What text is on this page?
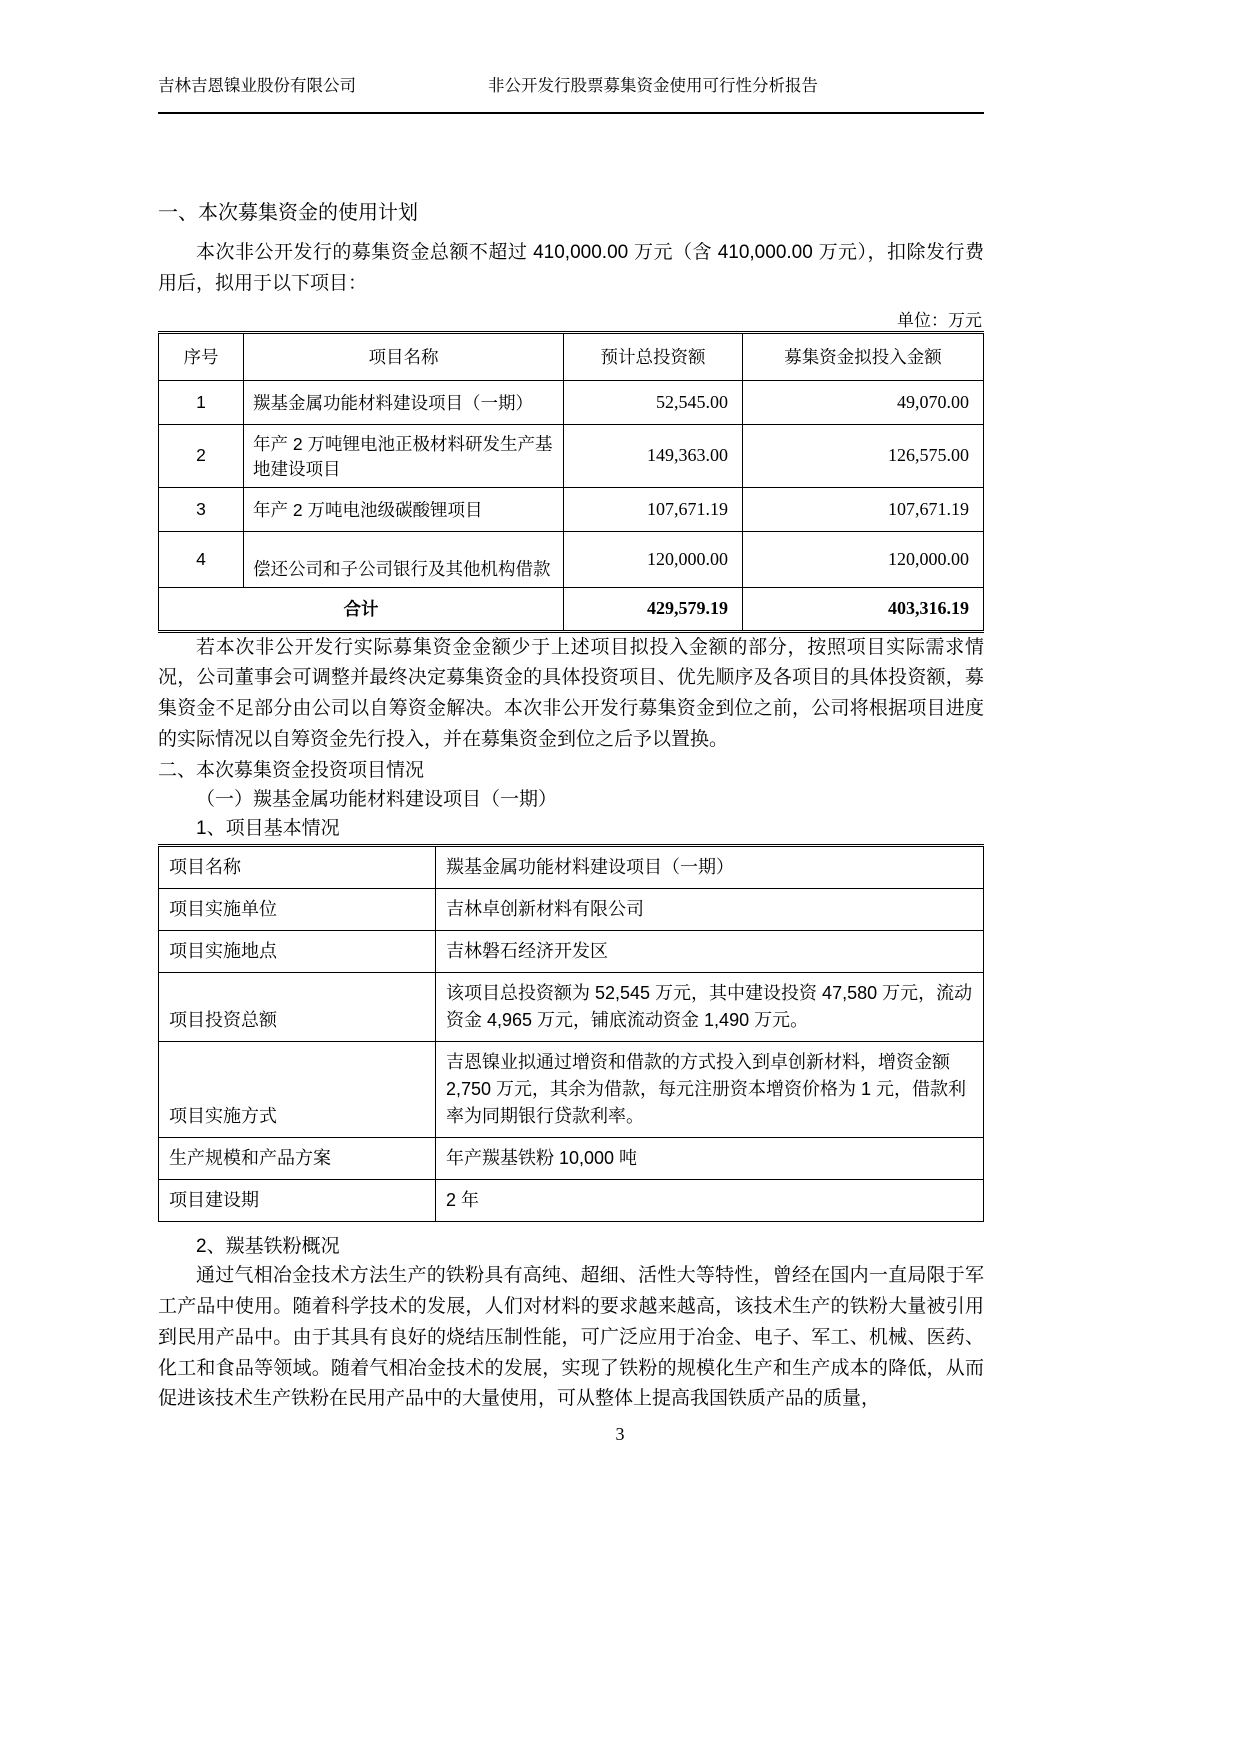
吉林吉恩镍业股份有限公司	非公开发行股票募集资金使用可行性分析报告
一、本次募集资金的使用计划

本次非公开发行的募集资金总额不超过 410,000.00 万元（含 410,000.00 万元），扣除发行费用后，拟用于以下项目：

单位：万元

序号	项目名称	预计总投资额	募集资金拟投入金额
1	羰基金属功能材料建设项目（一期）	52,545.00	49,070.00
2	年产 2 万吨锂电池正极材料研发生产基地建设项目	149,363.00	126,575.00
3	年产 2 万吨电池级碳酸锂项目	107,671.19	107,671.19
4	偿还公司和子公司银行及其他机构借款	120,000.00	120,000.00
合计		429,579.19	403,316.19

若本次非公开发行实际募集资金金额少于上述项目拟投入金额的部分，按照项目实际需求情况，公司董事会可调整并最终决定募集资金的具体投资项目、优先顺序及各项目的具体投资额，募集资金不足部分由公司以自筹资金解决。本次非公开发行募集资金到位之前，公司将根据项目进度的实际情况以自筹资金先行投入，并在募集资金到位之后予以置换。

二、本次募集资金投资项目情况
（一）羰基金属功能材料建设项目（一期）
1、项目基本情况
项目名称	羰基金属功能材料建设项目（一期）
项目实施单位	吉林卓创新材料有限公司
项目实施地点	吉林磐石经济开发区
项目投资总额	该项目总投资额为 52,545 万元，其中建设投资 47,580 万元，流动资金 4,965 万元，铺底流动资金 1,490 万元。
项目实施方式	吉恩镍业拟通过增资和借款的方式投入到卓创新材料，增资金额 2,750 万元，其余为借款，每元注册资本增资价格为 1 元，借款利率为同期银行贷款利率。
生产规模和产品方案	年产羰基铁粉 10,000 吨
项目建设期	2 年
2、羰基铁粉概况

通过气相冶金技术方法生产的铁粉具有高纯、超细、活性大等特性，曾经在国内一直局限于军工产品中使用。随着科学技术的发展，人们对材料的要求越来越高，该技术生产的铁粉大量被引用到民用产品中。由于其具有良好的烧结压制性能，可广泛应用于冶金、电子、军工、机械、医药、化工和食品等领域。随着气相冶金技术的发展，实现了铁粉的规模化生产和生产成本的降低，从而促进该技术生产铁粉在民用产品中的大量使用，可从整体上提高我国铁质产品的质量，

3
